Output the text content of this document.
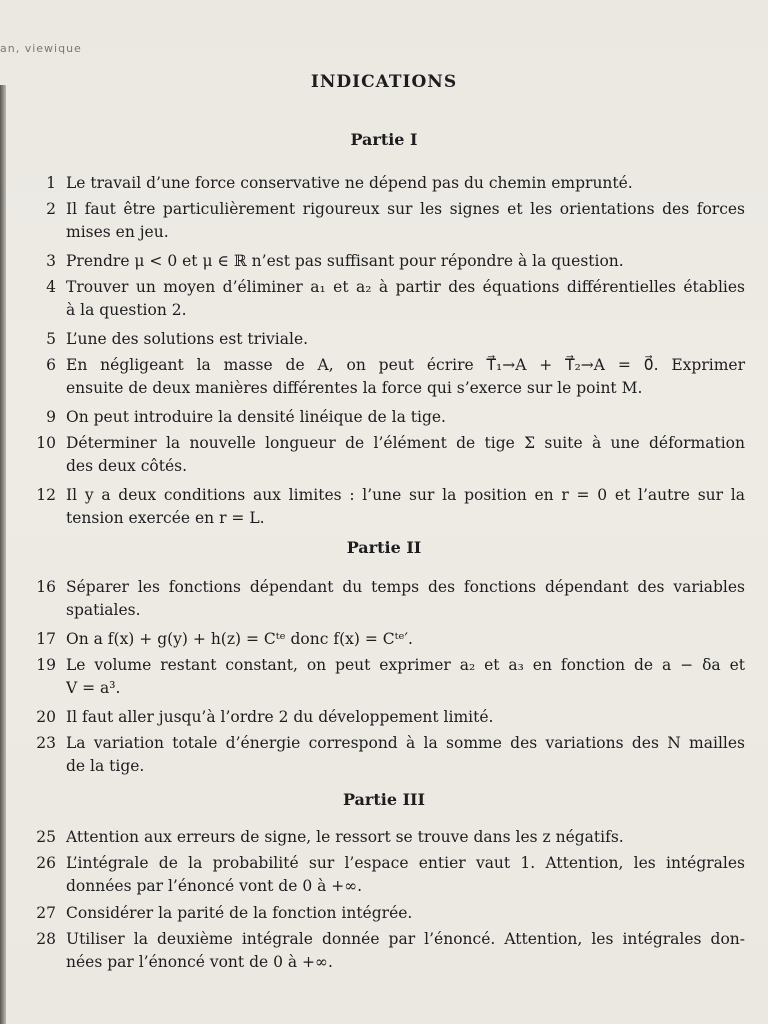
an, viewique
INDICATIONS
Partie I
1 Le travail d’une force conservative ne dépend pas du chemin emprunté.
2 Il faut être particulièrement rigoureux sur les signes et les orientations des forces
mises en jeu.
3 Prendre μ < 0 et μ ∈ ℝ n’est pas suffisant pour répondre à la question.
4 Trouver un moyen d’éliminer a₁ et a₂ à partir des équations différentielles établies
à la question 2.
5 L’une des solutions est triviale.
6 En négligeant la masse de A, on peut écrire T⃗₁→A + T⃗₂→A = 0⃗. Exprimer
ensuite de deux manières différentes la force qui s’exerce sur le point M.
9 On peut introduire la densité linéique de la tige.
10 Déterminer la nouvelle longueur de l’élément de tige Σ suite à une déformation
des deux côtés.
12 Il y a deux conditions aux limites : l’une sur la position en r = 0 et l’autre sur la
tension exercée en r = L.
Partie II
16 Séparer les fonctions dépendant du temps des fonctions dépendant des variables
spatiales.
17 On a f(x) + g(y) + h(z) = Cᵗᵉ donc f(x) = Cᵗᵉ′.
19 Le volume restant constant, on peut exprimer a₂ et a₃ en fonction de a − δa et
V = a³.
20 Il faut aller jusqu’à l’ordre 2 du développement limité.
23 La variation totale d’énergie correspond à la somme des variations des N mailles
de la tige.
Partie III
25 Attention aux erreurs de signe, le ressort se trouve dans les z négatifs.
26 L’intégrale de la probabilité sur l’espace entier vaut 1. Attention, les intégrales
données par l’énoncé vont de 0 à +∞.
27 Considérer la parité de la fonction intégrée.
28 Utiliser la deuxième intégrale donnée par l’énoncé. Attention, les intégrales don-
nées par l’énoncé vont de 0 à +∞.
